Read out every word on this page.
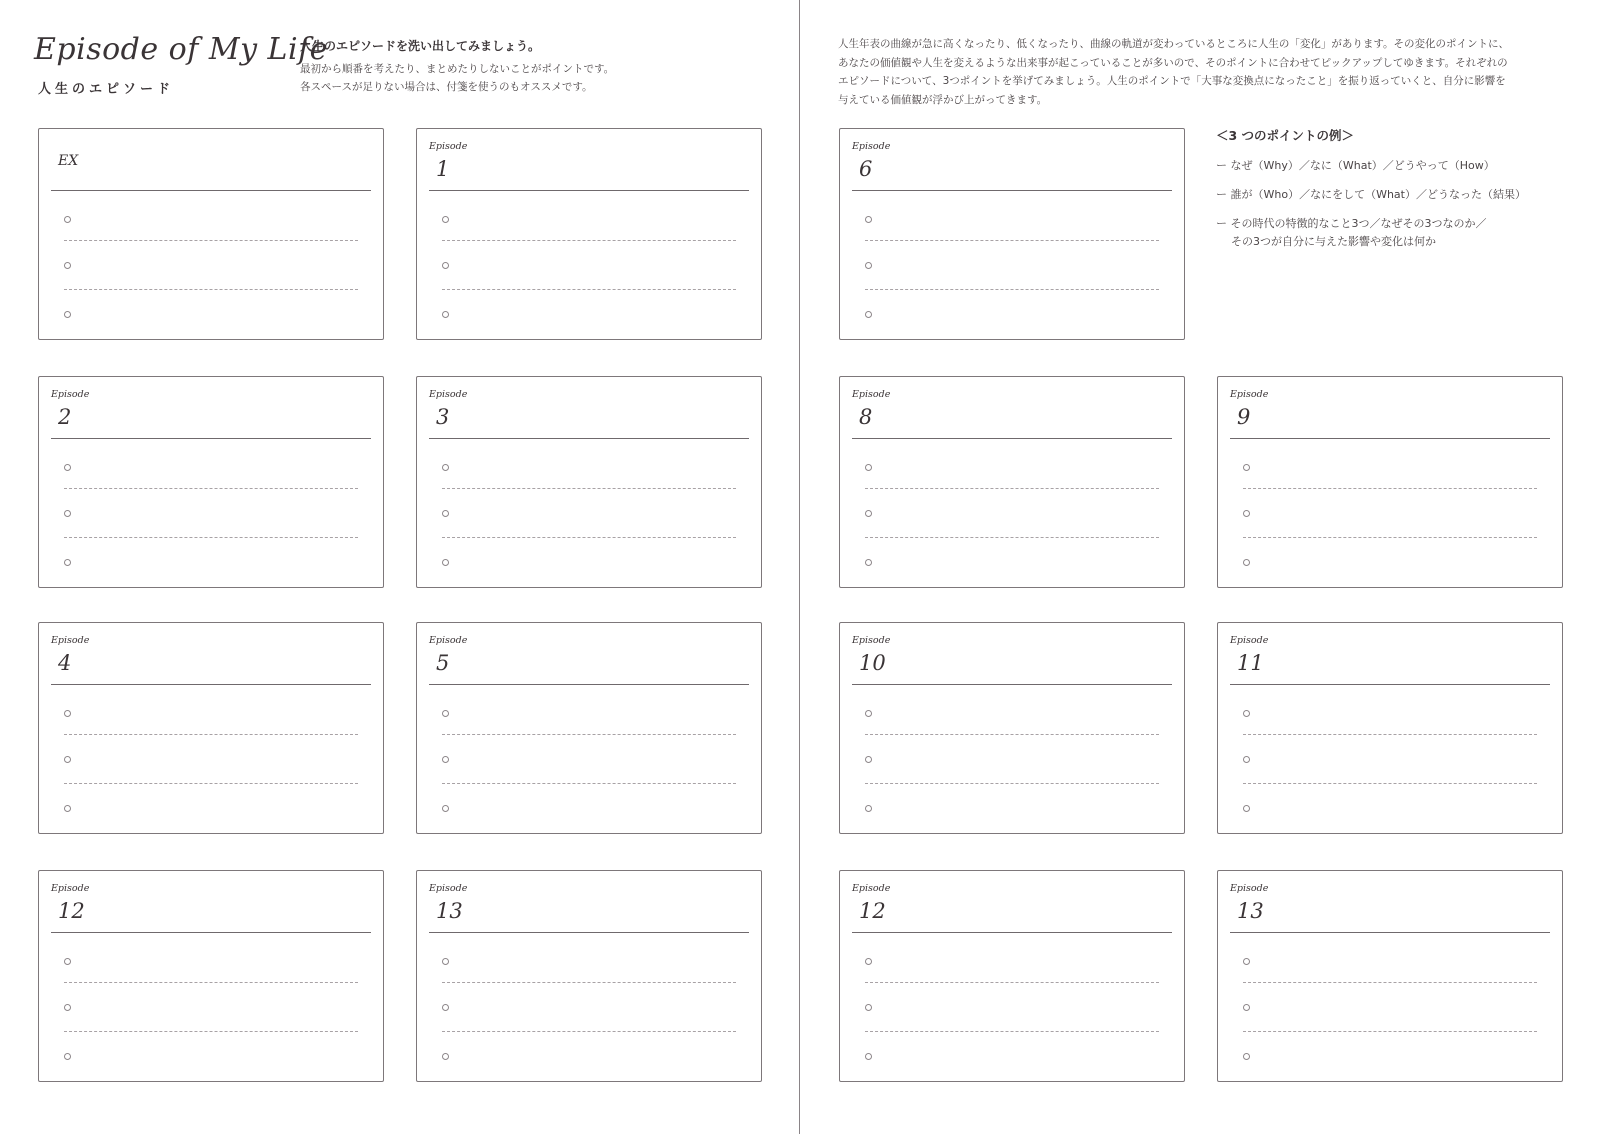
Episode of My Life
人生のエピソード
人生のエピソードを洗い出してみましょう。
最初から順番を考えたり、まとめたりしないことがポイントです。
各スペースが足りない場合は、付箋を使うのもオススメです。
人生年表の曲線が急に高くなったり、低くなったり、曲線の軌道が変わっているところに人生の「変化」があります。その変化のポイントに、
あなたの価値観や人生を変えるような出来事が起こっていることが多いので、そのポイントに合わせてピックアップしてゆきます。それぞれの
エピソードについて、3つポイントを挙げてみましょう。人生のポイントで「大事な変換点になったこと」を振り返っていくと、自分に影響を
与えている価値観が浮かび上がってきます。
＜3 つのポイントの例＞
ー なぜ（Why）／なに（What）／どうやって（How）
ー 誰が（Who）／なにをして（What）／どうなった（結果）
ー その時代の特徴的なこと3つ／なぜその3つなのか／
その3つが自分に与えた影響や変化は何か
EX
Episode
1
Episode
2
Episode
3
Episode
4
Episode
5
Episode
12
Episode
13
Episode
6
Episode
8
Episode
9
Episode
10
Episode
11
Episode
12
Episode
13
